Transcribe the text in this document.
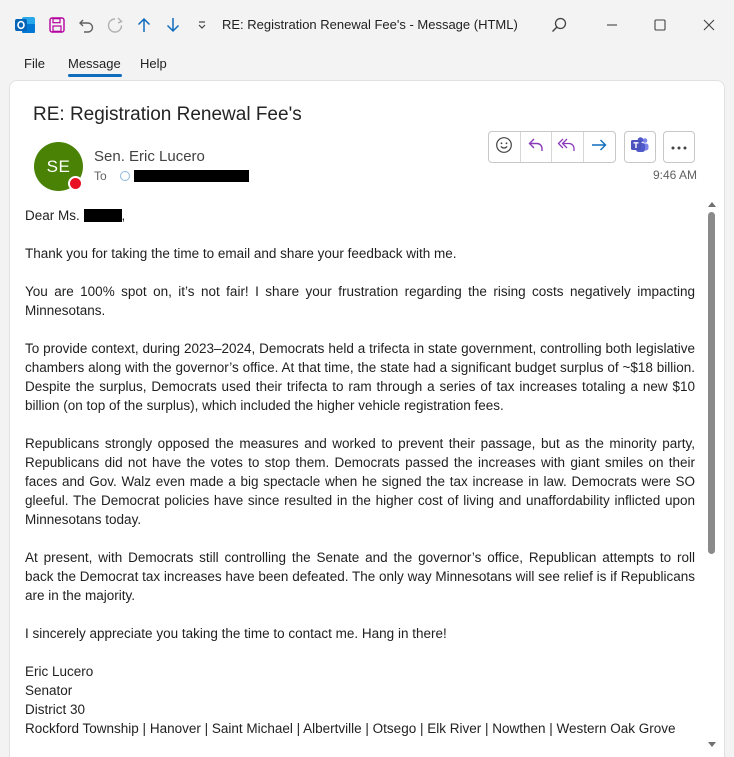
RE: Registration Renewal Fee's - Message (HTML)
File Message Help
RE: Registration Renewal Fee's
SE Sen. Eric Lucero
To	9:46 AM

Dear Ms.	,

Thank you for taking the time to email and share your feedback with me.

You are 100% spot on, it’s not fair! I share your frustration regarding the rising costs negatively impacting Minnesotans.

To provide context, during 2023–2024, Democrats held a trifecta in state government, controlling both legislative chambers along with the governor’s office. At that time, the state had a significant budget surplus of ~$18 billion. Despite the surplus, Democrats used their trifecta to ram through a series of tax increases totaling a new $10 billion (on top of the surplus), which included the higher vehicle registration fees.

Republicans strongly opposed the measures and worked to prevent their passage, but as the minority party, Republicans did not have the votes to stop them. Democrats passed the increases with giant smiles on their faces and Gov. Walz even made a big spectacle when he signed the tax increase in law. Democrats were SO gleeful. The Democrat policies have since resulted in the higher cost of living and unaffordability inflicted upon Minnesotans today.

At present, with Democrats still controlling the Senate and the governor’s office, Republican attempts to roll back the Democrat tax increases have been defeated. The only way Minnesotans will see relief is if Republicans are in the majority.

I sincerely appreciate you taking the time to contact me. Hang in there!

Eric Lucero
Senator
District 30
Rockford Township | Hanover | Saint Michael | Albertville | Otsego | Elk River | Nowthen | Western Oak Grove
